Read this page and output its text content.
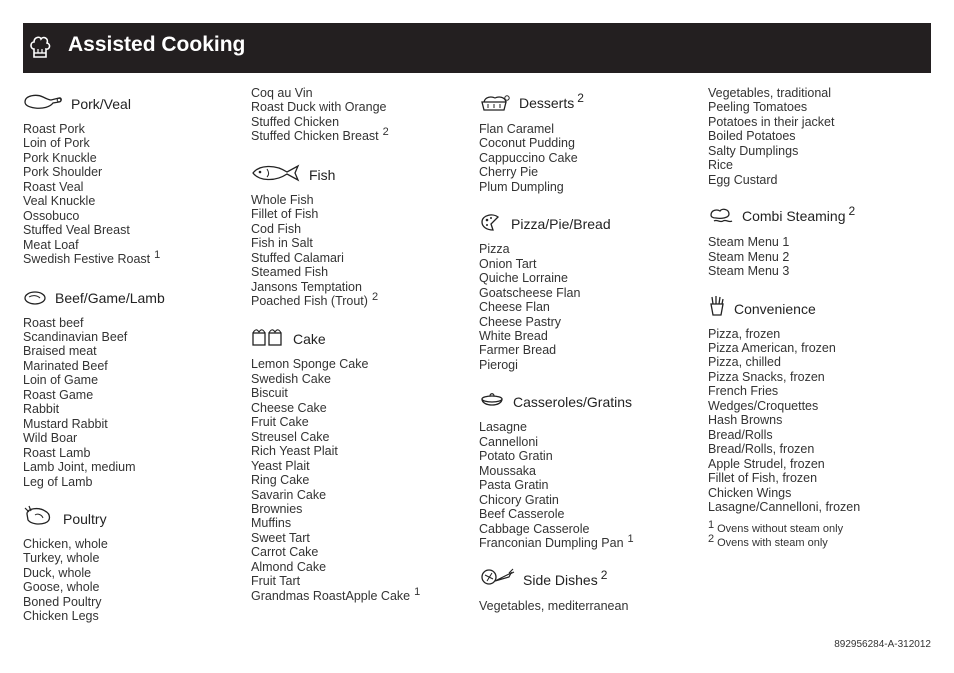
Assisted Cooking
Pork/Veal
Roast Pork
Loin of Pork
Pork Knuckle
Pork Shoulder
Roast Veal
Veal Knuckle
Ossobuco
Stuffed Veal Breast
Meat Loaf
Swedish Festive Roast 1
Beef/Game/Lamb
Roast beef
Scandinavian Beef
Braised meat
Marinated Beef
Loin of Game
Roast Game
Rabbit
Mustard Rabbit
Wild Boar
Roast Lamb
Lamb Joint, medium
Leg of Lamb
Poultry
Chicken, whole
Turkey, whole
Duck, whole
Goose, whole
Boned Poultry
Chicken Legs
Coq au Vin
Roast Duck with Orange
Stuffed Chicken
Stuffed Chicken Breast 2
Fish
Whole Fish
Fillet of Fish
Cod Fish
Fish in Salt
Stuffed Calamari
Steamed Fish
Jansons Temptation
Poached Fish (Trout) 2
Cake
Lemon Sponge Cake
Swedish Cake
Biscuit
Cheese Cake
Fruit Cake
Streusel Cake
Rich Yeast Plait
Yeast Plait
Ring Cake
Savarin Cake
Brownies
Muffins
Sweet Tart
Carrot Cake
Almond Cake
Fruit Tart
Grandmas RoastApple Cake 1
Desserts 2
Flan Caramel
Coconut Pudding
Cappuccino Cake
Cherry Pie
Plum Dumpling
Pizza/Pie/Bread
Pizza
Onion Tart
Quiche Lorraine
Goatscheese Flan
Cheese Flan
Cheese Pastry
White Bread
Farmer Bread
Pierogi
Casseroles/Gratins
Lasagne
Cannelloni
Potato Gratin
Moussaka
Pasta Gratin
Chicory Gratin
Beef Casserole
Cabbage Casserole
Franconian Dumpling Pan 1
Side Dishes 2
Vegetables, mediterranean
Vegetables, traditional
Peeling Tomatoes
Potatoes in their jacket
Boiled Potatoes
Salty Dumplings
Rice
Egg Custard
Combi Steaming 2
Steam Menu 1
Steam Menu 2
Steam Menu 3
Convenience
Pizza, frozen
Pizza American, frozen
Pizza, chilled
Pizza Snacks, frozen
French Fries
Wedges/Croquettes
Hash Browns
Bread/Rolls
Bread/Rolls, frozen
Apple Strudel, frozen
Fillet of Fish, frozen
Chicken Wings
Lasagne/Cannelloni, frozen
1 Ovens without steam only
2 Ovens with steam only
892956284-A-312012
